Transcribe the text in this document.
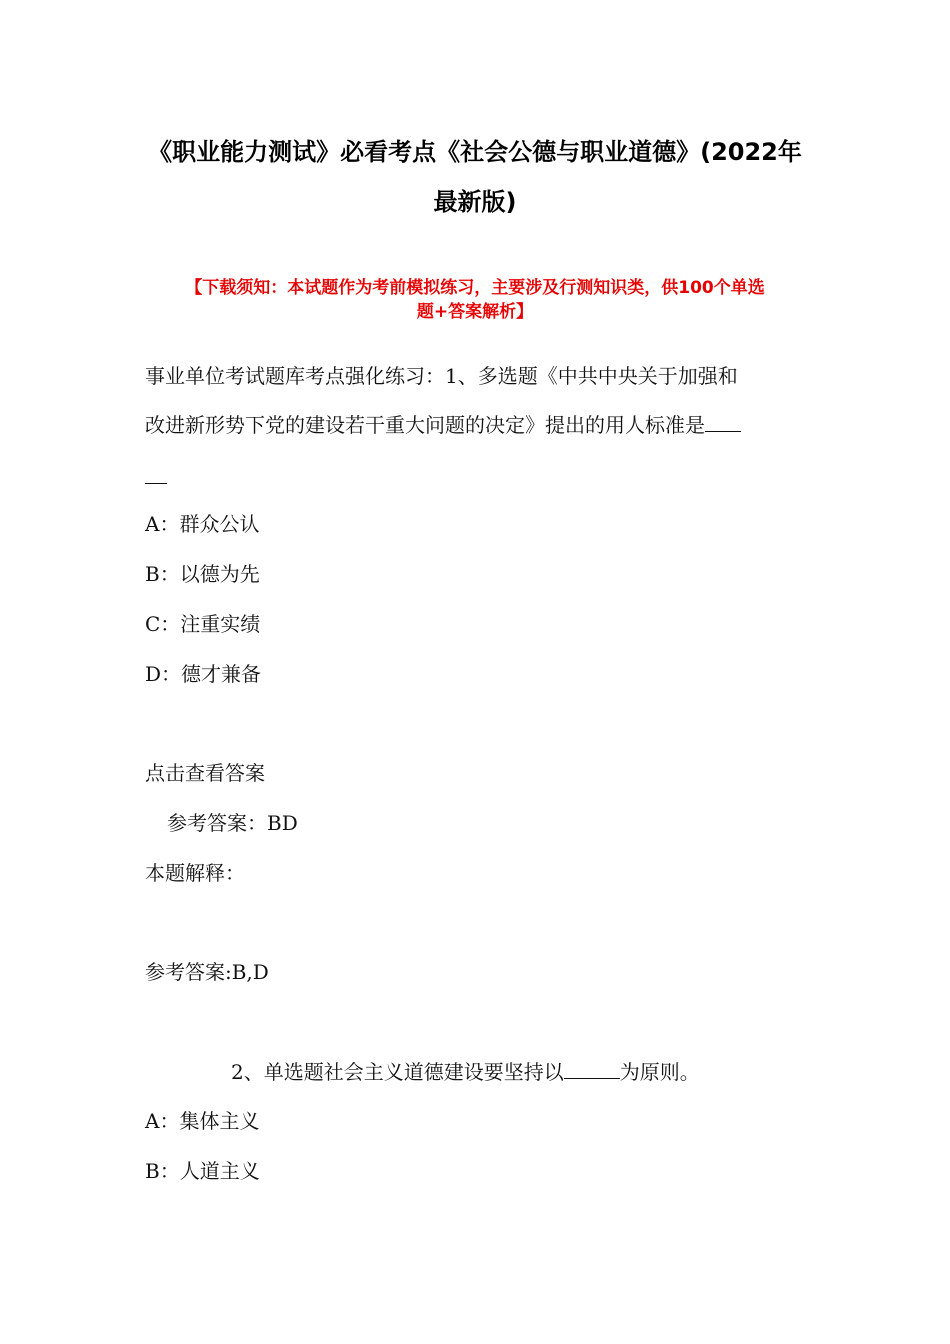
《职业能力测试》必看考点《社会公德与职业道德》(2022年
最新版)
【下载须知：本试题作为考前模拟练习，主要涉及行测知识类，供100个单选
题+答案解析】
事业单位考试题库考点强化练习：1、多选题《中共中央关于加强和
改进新形势下党的建设若干重大问题的决定》提出的用人标准是
A：群众公认
B：以德为先
C：注重实绩
D：德才兼备
点击查看答案
参考答案：BD
本题解释：
参考答案:B,D
2、单选题社会主义道德建设要坚持以	为原则。
A：集体主义
B：人道主义
